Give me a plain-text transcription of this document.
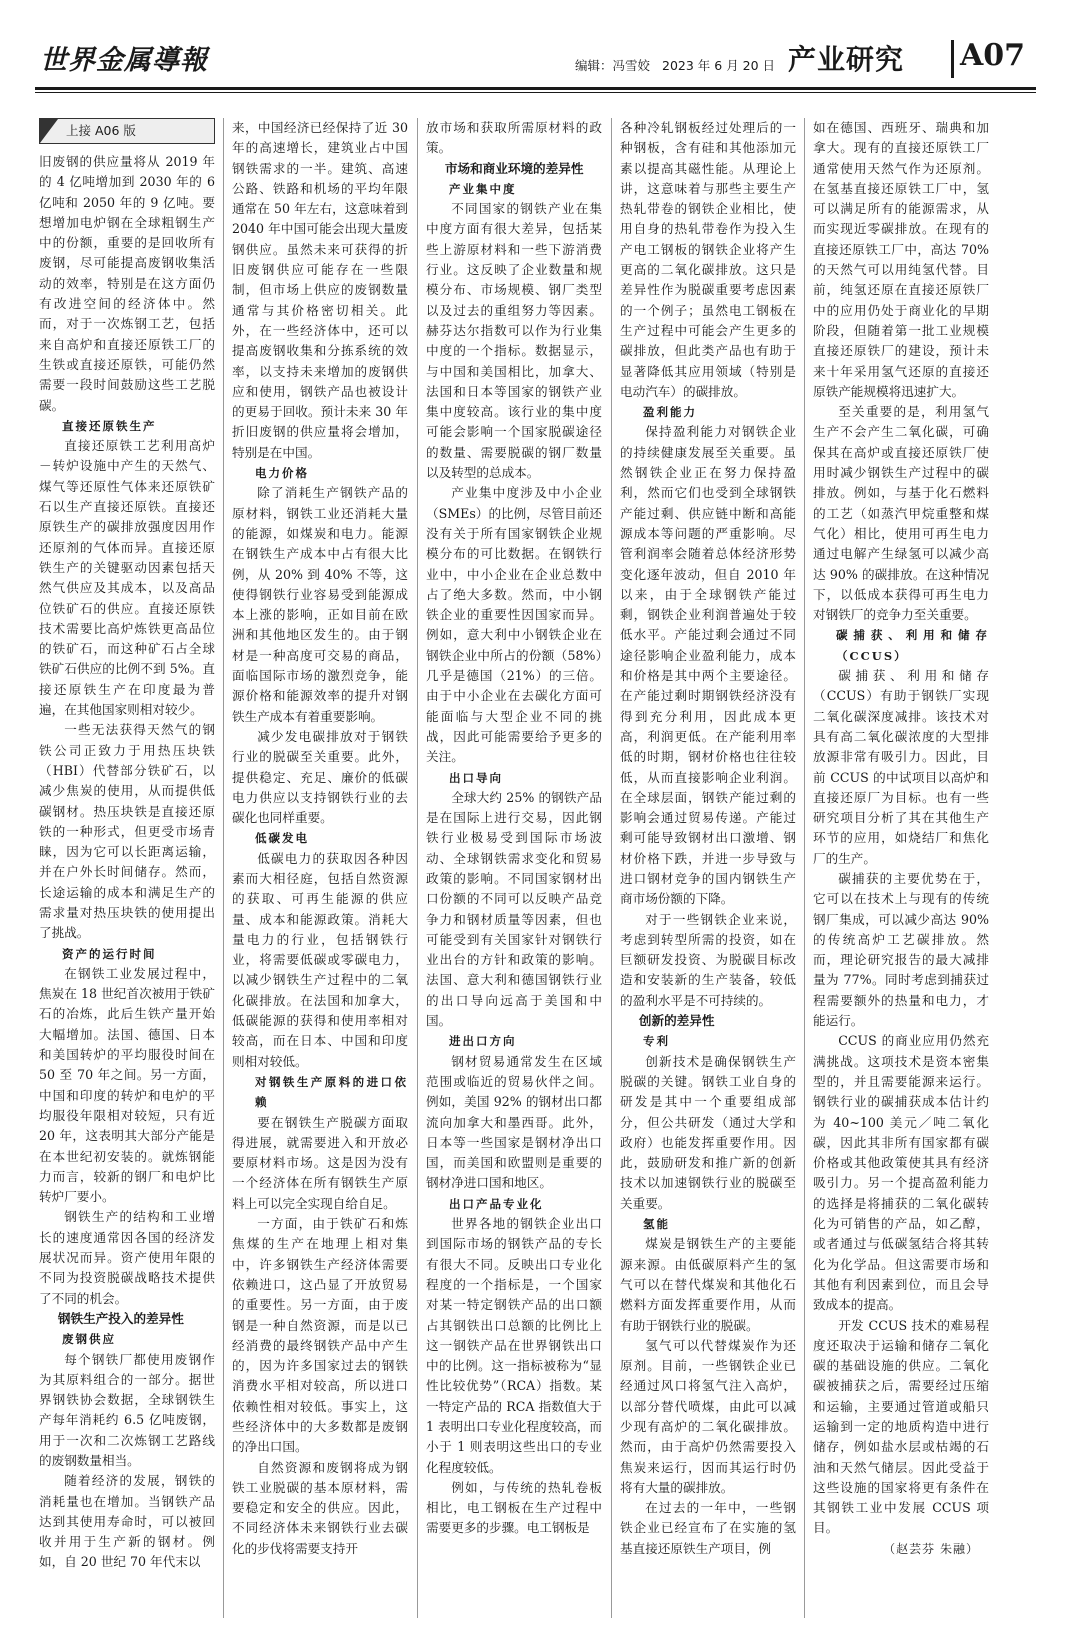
世界金属導報	编辑：冯雪姣 2023 年 6 月 20 日 产业研究 A07
上接 A06 版

旧废钢的供应量将从 2019 年的 4 亿吨增加到 2030 年的 6 亿吨和 2050 年的 9 亿吨。要想增加电炉钢在全球粗钢生产中的份额，重要的是回收所有废钢，尽可能提高废钢收集活动的效率，特别是在这方面仍有改进空间的经济体中。然而，对于一次炼钢工艺，包括来自高炉和直接还原铁工厂的生铁或直接还原铁，可能仍然需要一段时间鼓励这些工艺脱碳。

直接还原铁生产

直接还原铁工艺利用高炉－转炉设施中产生的天然气、煤气等还原性气体来还原铁矿石以生产直接还原铁。直接还原铁生产的碳排放强度因用作还原剂的气体而异。直接还原铁生产的关键驱动因素包括天然气供应及其成本，以及高品位铁矿石的供应。直接还原铁技术需要比高炉炼铁更高品位的铁矿石，而这种矿石占全球铁矿石供应的比例不到 5%。直接还原铁生产在印度最为普遍，在其他国家则相对较少。

一些无法获得天然气的钢铁公司正致力于用热压块铁（HBI）代替部分铁矿石，以减少焦炭的使用，从而提供低碳钢材。热压块铁是直接还原铁的一种形式，但更受市场青睐，因为它可以长距离运输，并在户外长时间储存。然而，长途运输的成本和满足生产的需求量对热压块铁的使用提出了挑战。

资产的运行时间

在钢铁工业发展过程中，焦炭在 18 世纪首次被用于铁矿石的冶炼，此后生铁产量开始大幅增加。法国、德国、日本和美国转炉的平均服役时间在 50 至 70 年之间。另一方面，中国和印度的转炉和电炉的平均服役年限相对较短，只有近 20 年，这表明其大部分产能是在本世纪初安装的。就炼钢能力而言，较新的钢厂和电炉比转炉厂要小。

钢铁生产的结构和工业增长的速度通常因各国的经济发展状况而异。资产使用年限的不同为投资脱碳战略技术提供了不同的机会。

钢铁生产投入的差异性
废钢供应

每个钢铁厂都使用废钢作为其原料组合的一部分。据世界钢铁协会数据，全球钢铁生产每年消耗约 6.5 亿吨废钢，用于一次和二次炼钢工艺路线的废钢数量相当。

随着经济的发展，钢铁的消耗量也在增加。当钢铁产品达到其使用寿命时，可以被回收并用于生产新的钢材。例如，自 20 世纪 70 年代末以

来，中国经济已经保持了近 30 年的高速增长，建筑业占中国钢铁需求的一半。建筑、高速公路、铁路和机场的平均年限通常在 50 年左右，这意味着到 2040 年中国可能会出现大量废钢供应。虽然未来可获得的折旧废钢供应可能存在一些限制，但市场上供应的废钢数量通常与其价格密切相关。此外，在一些经济体中，还可以提高废钢收集和分拣系统的效率，以支持未来增加的废钢供应和使用，钢铁产品也被设计的更易于回收。预计未来 30 年折旧废钢的供应量将会增加，特别是在中国。

电力价格

除了消耗生产钢铁产品的原材料，钢铁工业还消耗大量的能源，如煤炭和电力。能源在钢铁生产成本中占有很大比例，从 20% 到 40% 不等，这使得钢铁行业容易受到能源成本上涨的影响，正如目前在欧洲和其他地区发生的。由于钢材是一种高度可交易的商品，面临国际市场的激烈竞争，能源价格和能源效率的提升对钢铁生产成本有着重要影响。

减少发电碳排放对于钢铁行业的脱碳至关重要。此外，提供稳定、充足、廉价的低碳电力供应以支持钢铁行业的去碳化也同样重要。

低碳发电

低碳电力的获取因各种因素而大相径庭，包括自然资源的获取、可再生能源的供应量、成本和能源政策。消耗大量电力的行业，包括钢铁行业，将需要低碳或零碳电力，以减少钢铁生产过程中的二氧化碳排放。在法国和加拿大，低碳能源的获得和使用率相对较高，而在日本、中国和印度则相对较低。

对钢铁生产原料的进口依赖

要在钢铁生产脱碳方面取得进展，就需要进入和开放必要原材料市场。这是因为没有一个经济体在所有钢铁生产原料上可以完全实现自给自足。

一方面，由于铁矿石和炼焦煤的生产在地理上相对集中，许多钢铁生产经济体需要依赖进口，这凸显了开放贸易的重要性。另一方面，由于废钢是一种自然资源，而是以已经消费的最终钢铁产品中产生的，因为许多国家过去的钢铁消费水平相对较高，所以进口依赖性相对较低。事实上，这些经济体中的大多数都是废钢的净出口国。

自然资源和废钢将成为钢铁工业脱碳的基本原材料，需要稳定和安全的供应。因此，不同经济体未来钢铁行业去碳化的步伐将需要支持开

放市场和获取所需原材料的政策。

市场和商业环境的差异性
产业集中度

不同国家的钢铁产业在集中度方面有很大差异，包括某些上游原材料和一些下游消费行业。这反映了企业数量和规模分布、市场规模、钢厂类型以及过去的重组努力等因素。赫芬达尔指数可以作为行业集中度的一个指标。数据显示，与中国和美国相比，加拿大、法国和日本等国家的钢铁产业集中度较高。该行业的集中度可能会影响一个国家脱碳途径的数量、需要脱碳的钢厂数量以及转型的总成本。

产业集中度涉及中小企业（SMEs）的比例，尽管目前还没有关于所有国家钢铁企业规模分布的可比数据。在钢铁行业中，中小企业在企业总数中占了绝大多数。然而，中小钢铁企业的重要性因国家而异。例如，意大利中小钢铁企业在钢铁企业中所占的份额（58%）几乎是德国（21%）的三倍。由于中小企业在去碳化方面可能面临与大型企业不同的挑战，因此可能需要给予更多的关注。

出口导向

全球大约 25% 的钢铁产品是在国际上进行交易，因此钢铁行业极易受到国际市场波动、全球钢铁需求变化和贸易政策的影响。不同国家钢材出口份额的不同可以反映产品竞争力和钢材质量等因素，但也可能受到有关国家针对钢铁行业出台的方针和政策的影响。法国、意大利和德国钢铁行业的出口导向远高于美国和中国。

进出口方向

钢材贸易通常发生在区域范围或临近的贸易伙伴之间。例如，美国 92% 的钢材出口都流向加拿大和墨西哥。此外，日本等一些国家是钢材净出口国，而美国和欧盟则是重要的钢材净进口国和地区。

出口产品专业化

世界各地的钢铁企业出口到国际市场的钢铁产品的专长有很大不同。反映出口专业化程度的一个指标是，一个国家对某一特定钢铁产品的出口额占其钢铁出口总额的比例比上这一钢铁产品在世界钢铁出口中的比例。这一指标被称为“显性比较优势”（RCA）指数。某一特定产品的 RCA 指数值大于 1 表明出口专业化程度较高，而小于 1 则表明这些出口的专业化程度较低。

例如，与传统的热轧卷板相比，电工钢板在生产过程中需要更多的步骤。电工钢板是

各种冷轧钢板经过处理后的一种钢板，含有硅和其他添加元素以提高其磁性能。从理论上讲，这意味着与那些主要生产热轧带卷的钢铁企业相比，使用自身的热轧带卷作为投入生产电工钢板的钢铁企业将产生更高的二氧化碳排放。这只是差异性作为脱碳重要考虑因素的一个例子；虽然电工钢板在生产过程中可能会产生更多的碳排放，但此类产品也有助于显著降低其应用领域（特别是电动汽车）的碳排放。

盈利能力

保持盈利能力对钢铁企业的持续健康发展至关重要。虽然钢铁企业正在努力保持盈利，然而它们也受到全球钢铁产能过剩、供应链中断和高能源成本等问题的严重影响。尽管利润率会随着总体经济形势变化逐年波动，但自 2010 年以来，由于全球钢铁产能过剩，钢铁企业利润普遍处于较低水平。产能过剩会通过不同途径影响企业盈利能力，成本和价格是其中两个主要途径。在产能过剩时期钢铁经济没有得到充分利用，因此成本更高，利润更低。在产能利用率低的时期，钢材价格也往往较低，从而直接影响企业利润。在全球层面，钢铁产能过剩的影响会通过贸易传递。产能过剩可能导致钢材出口激增、钢材价格下跌，并进一步导致与进口钢材竞争的国内钢铁生产商市场份额的下降。

对于一些钢铁企业来说，考虑到转型所需的投资，如在巨额研发投资、为脱碳目标改造和安装新的生产装备，较低的盈利水平是不可持续的。

创新的差异性
专利

创新技术是确保钢铁生产脱碳的关键。钢铁工业自身的研发是其中一个重要组成部分，但公共研发（通过大学和政府）也能发挥重要作用。因此，鼓励研发和推广新的创新技术以加速钢铁行业的脱碳至关重要。

氢能

煤炭是钢铁生产的主要能源来源。由低碳原料产生的氢气可以在替代煤炭和其他化石燃料方面发挥重要作用，从而有助于钢铁行业的脱碳。

氢气可以代替煤炭作为还原剂。目前，一些钢铁企业已经通过风口将氢气注入高炉，以部分替代喷煤，由此可以减少现有高炉的二氧化碳排放。然而，由于高炉仍然需要投入焦炭来运行，因而其运行时仍将有大量的碳排放。

在过去的一年中，一些钢铁企业已经宣布了在实施的氢基直接还原铁生产项目，例

如在德国、西班牙、瑞典和加拿大。现有的直接还原铁工厂通常使用天然气作为还原剂。在氢基直接还原铁工厂中，氢可以满足所有的能源需求，从而实现近零碳排放。在现有的直接还原铁工厂中，高达 70% 的天然气可以用纯氢代替。目前，纯氢还原在直接还原铁厂中的应用仍处于商业化的早期阶段，但随着第一批工业规模直接还原铁厂的建设，预计未来十年采用氢气还原的直接还原铁产能规模将迅速扩大。

至关重要的是，利用氢气生产不会产生二氧化碳，可确保其在高炉或直接还原铁厂使用时减少钢铁生产过程中的碳排放。例如，与基于化石燃料的工艺（如蒸汽甲烷重整和煤气化）相比，使用可再生电力通过电解产生绿氢可以减少高达 90% 的碳排放。在这种情况下，以低成本获得可再生电力对钢铁厂的竞争力至关重要。

碳捕获、利用和储存（CCUS）

碳捕获、利用和储存（CCUS）有助于钢铁厂实现二氧化碳深度减排。该技术对具有高二氧化碳浓度的大型排放源非常有吸引力。因此，目前 CCUS 的中试项目以高炉和直接还原厂为目标。也有一些研究项目分析了其在其他生产环节的应用，如烧结厂和焦化厂的生产。

碳捕获的主要优势在于，它可以在技术上与现有的传统钢厂集成，可以减少高达 90% 的传统高炉工艺碳排放。然而，理论研究报告的最大减排量为 77%。同时考虑到捕获过程需要额外的热量和电力，才能运行。

CCUS 的商业应用仍然充满挑战。这项技术是资本密集型的，并且需要能源来运行。钢铁行业的碳捕获成本估计约为 40~100 美元／吨二氧化碳，因此其非所有国家都有碳价格或其他政策使其具有经济吸引力。另一个提高盈利能力的选择是将捕获的二氧化碳转化为可销售的产品，如乙醇，或者通过与低碳氢结合将其转化为化学品。但这需要市场和其他有利因素到位，而且会导致成本的提高。

开发 CCUS 技术的难易程度还取决于运输和储存二氧化碳的基础设施的供应。二氧化碳被捕获之后，需要经过压缩和运输，主要通过管道或船只运输到一定的地质构造中进行储存，例如盐水层或枯竭的石油和天然气储层。因此受益于这些设施的国家将更有条件在其钢铁工业中发展 CCUS 项目。

（赵芸芬 朱融）
